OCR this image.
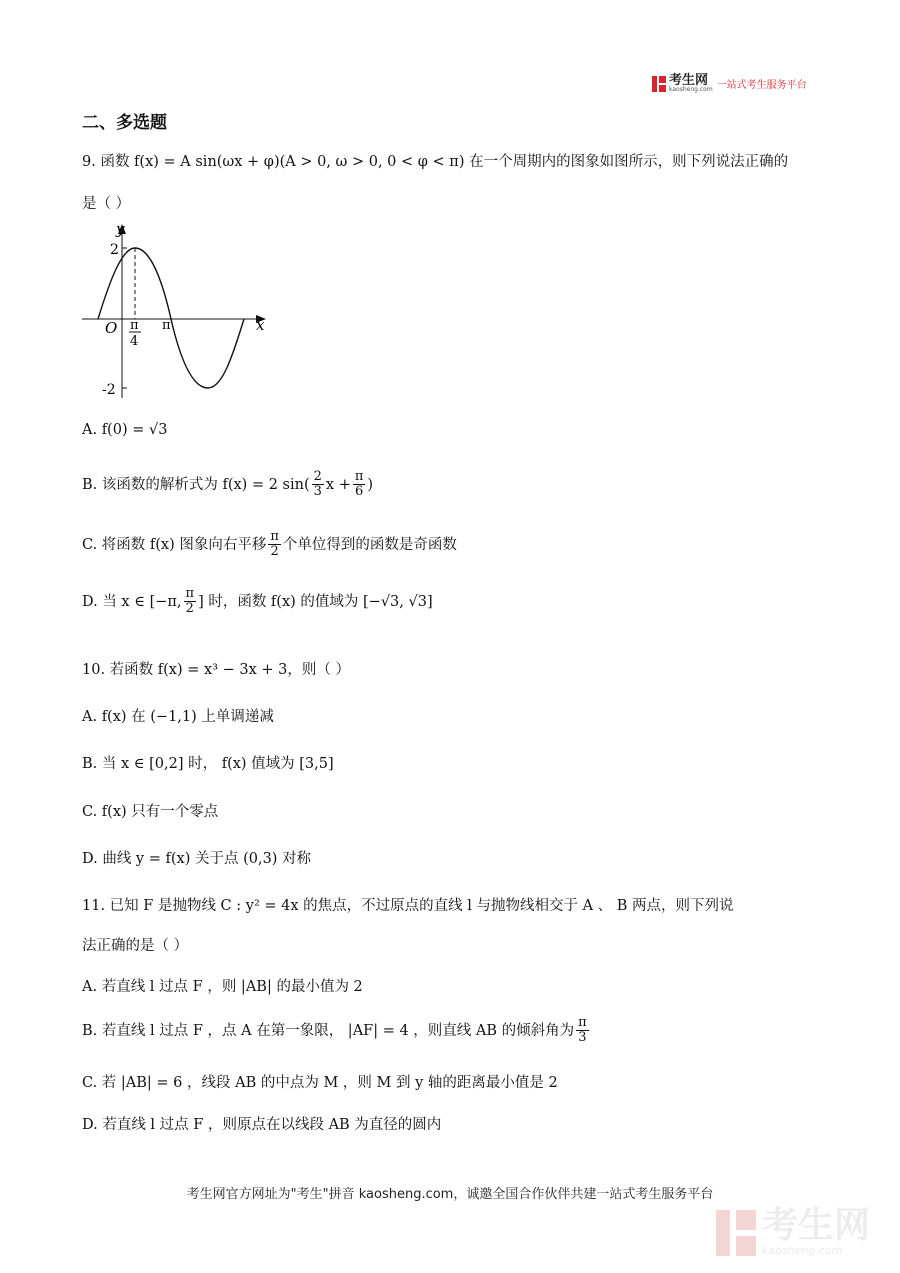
考生网
kaosheng.com 一站式考生服务平台
二、多选题
9. 函数 f(x) = A sin(ωx + φ)(A > 0, ω > 0, 0 < φ < π) 在一个周期内的图象如图所示，则下列说法正确的
是（ ）
y
x
O
2
-2
π
4
π
A. f(0) = √3
B. 该函数的解析式为 f(x) = 2 $\sin( \frac{2}{3}$ $x + \frac{\pi}{6}$ )
C. 将函数 f(x) 图象向右平移 $\frac{\pi}{2}$ 个单位得到的函数是奇函数
D. 当 x ∈ [−π, $\frac{\pi}{2}$ ] 时，函数 f(x) 的值域为 [−√3, √3]
10. 若函数 f(x) = x³ − 3x + 3，则（ ）
A. f(x) 在 (−1,1) 上单调递减
B. 当 x ∈ [0,2] 时， f(x) 值域为 [3,5]
C. f(x) 只有一个零点
D. 曲线 y = f(x) 关于点 (0,3) 对称
11. 已知 F 是抛物线 C : y² = 4x 的焦点，不过原点的直线 l 与抛物线相交于 A 、 B 两点，则下列说
法正确的是（ ）
A. 若直线 l 过点 F ，则 |AB| 的最小值为 2
B. 若直线 l 过点 F ，点 A 在第一象限， |AF| = 4 ，则直线 AB 的倾斜角为 $\frac{\pi}{3}$
C. 若 |AB| = 6 ，线段 AB 的中点为 M ，则 M 到 y 轴的距离最小值是 2
D. 若直线 l 过点 F ，则原点在以线段 AB 为直径的圆内
考生网官方网址为"考生"拼音 kaosheng.com，诚邀全国合作伙伴共建一站式考生服务平台
考生网
kaosheng.com
